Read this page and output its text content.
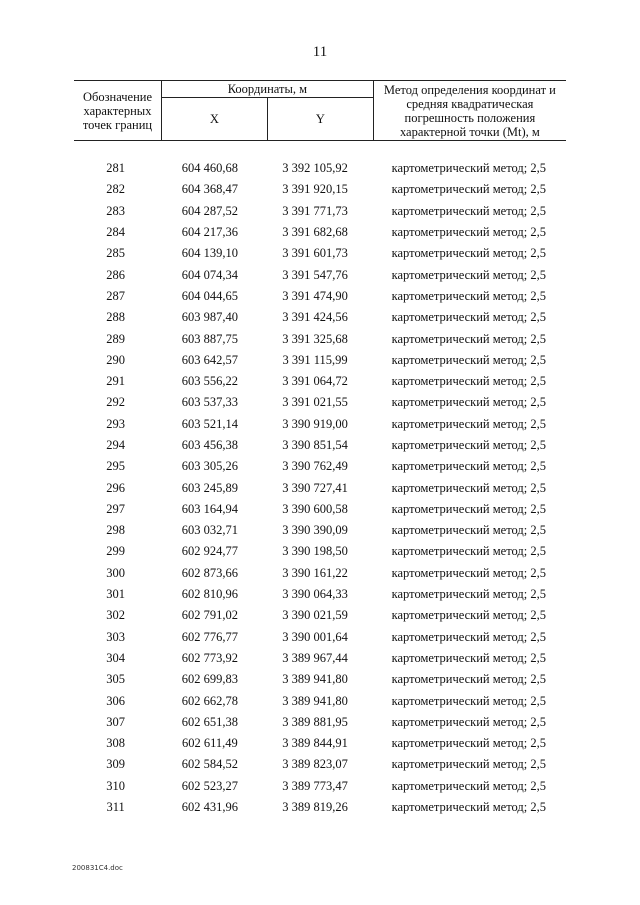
11
Обозначение характерных точек границ	Координаты, м		Метод определения координат и средняя квадратическая погрешность положения характерной точки (Mt), м
	X	Y	
281	604 460,68	3 392 105,92	картометрический метод; 2,5
282	604 368,47	3 391 920,15	картометрический метод; 2,5
283	604 287,52	3 391 771,73	картометрический метод; 2,5
284	604 217,36	3 391 682,68	картометрический метод; 2,5
285	604 139,10	3 391 601,73	картометрический метод; 2,5
286	604 074,34	3 391 547,76	картометрический метод; 2,5
287	604 044,65	3 391 474,90	картометрический метод; 2,5
288	603 987,40	3 391 424,56	картометрический метод; 2,5
289	603 887,75	3 391 325,68	картометрический метод; 2,5
290	603 642,57	3 391 115,99	картометрический метод; 2,5
291	603 556,22	3 391 064,72	картометрический метод; 2,5
292	603 537,33	3 391 021,55	картометрический метод; 2,5
293	603 521,14	3 390 919,00	картометрический метод; 2,5
294	603 456,38	3 390 851,54	картометрический метод; 2,5
295	603 305,26	3 390 762,49	картометрический метод; 2,5
296	603 245,89	3 390 727,41	картометрический метод; 2,5
297	603 164,94	3 390 600,58	картометрический метод; 2,5
298	603 032,71	3 390 390,09	картометрический метод; 2,5
299	602 924,77	3 390 198,50	картометрический метод; 2,5
300	602 873,66	3 390 161,22	картометрический метод; 2,5
301	602 810,96	3 390 064,33	картометрический метод; 2,5
302	602 791,02	3 390 021,59	картометрический метод; 2,5
303	602 776,77	3 390 001,64	картометрический метод; 2,5
304	602 773,92	3 389 967,44	картометрический метод; 2,5
305	602 699,83	3 389 941,80	картометрический метод; 2,5
306	602 662,78	3 389 941,80	картометрический метод; 2,5
307	602 651,38	3 389 881,95	картометрический метод; 2,5
308	602 611,49	3 389 844,91	картометрический метод; 2,5
309	602 584,52	3 389 823,07	картометрический метод; 2,5
310	602 523,27	3 389 773,47	картометрический метод; 2,5
311	602 431,96	3 389 819,26	картометрический метод; 2,5
200831C4.doc
